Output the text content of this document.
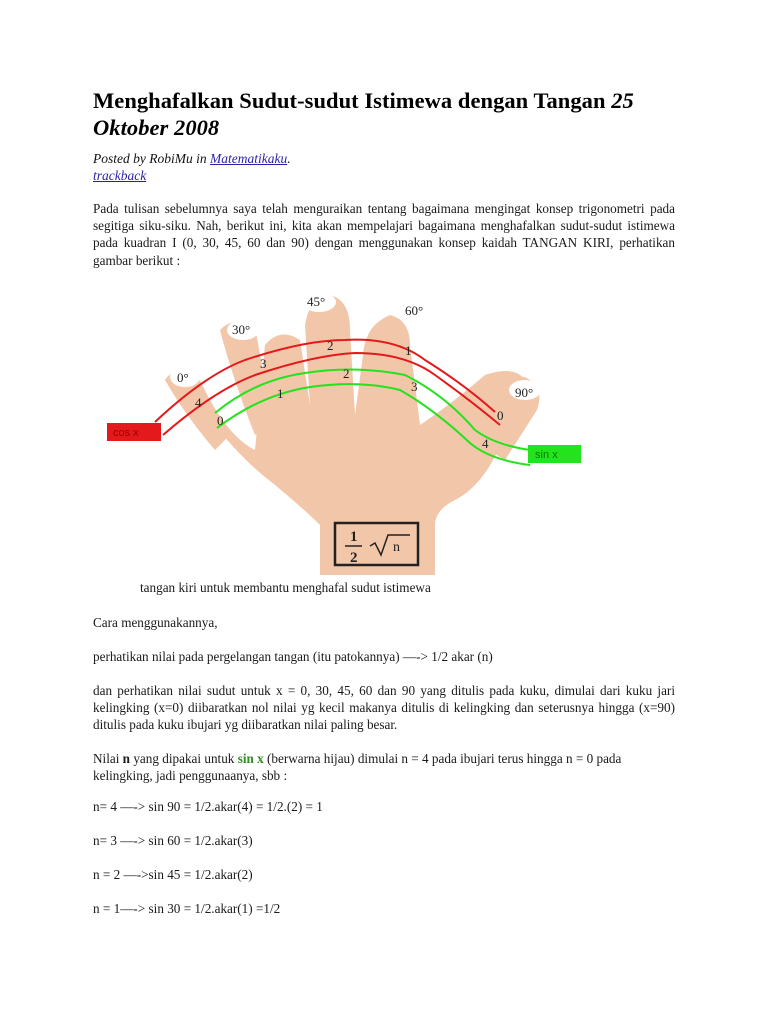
Menghafalkan Sudut-sudut Istimewa dengan Tangan 25 Oktober 2008
Posted by RobiMu in Matematikaku.
trackback

Pada tulisan sebelumnya saya telah menguraikan tentang bagaimana mengingat konsep trigonometri pada segitiga siku-siku. Nah, berikut ini, kita akan mempelajari bagaimana menghafalkan sudut-sudut istimewa pada kuadran I (0, 30, 45, 60 dan 90) dengan menggunakan konsep kaidah TANGAN KIRI, perhatikan gambar berikut :

0°
30°
45°
60°
90°
cos x
4
3
2	1
0
sin x
0
1
2
3
4
1
2
n
tangan kiri untuk membantu menghafal sudut istimewa

Cara menggunakannya,

perhatikan nilai pada pergelangan tangan (itu patokannya) —-> 1/2 akar (n)

dan perhatikan nilai sudut untuk x = 0, 30, 45, 60 dan 90 yang ditulis pada kuku, dimulai dari kuku jari kelingking (x=0) diibaratkan nol nilai yg kecil makanya ditulis di kelingking dan seterusnya hingga (x=90) ditulis pada kuku ibujari yg diibaratkan nilai paling besar.

Nilai n yang dipakai untuk sin x (berwarna hijau) dimulai n = 4 pada ibujari terus hingga n = 0 pada kelingking, jadi penggunaanya, sbb :

n= 4 —-> sin 90 = 1/2.akar(4) = 1/2.(2) = 1

n= 3 —-> sin 60 = 1/2.akar(3)

n = 2 —->sin 45 = 1/2.akar(2)

n = 1—-> sin 30 = 1/2.akar(1) =1/2
